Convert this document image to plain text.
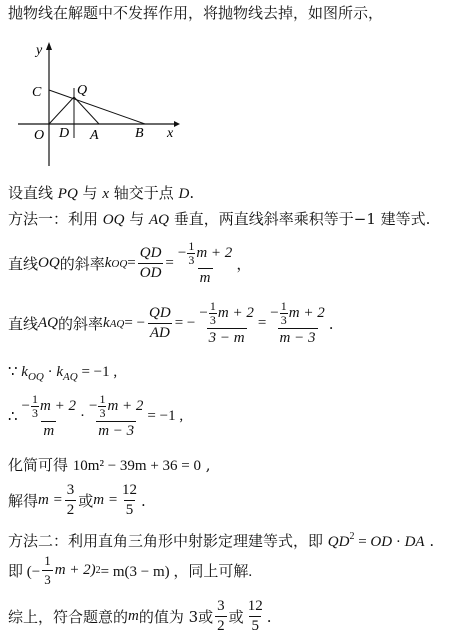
抛物线在解题中不发挥作用，将抛物线去掉，如图所示，
y
C	Q
O D A	B x
设直线 PQ 与 x 轴交于点 D.
方法一：利用 OQ 与 AQ 垂直，两直线斜率乘积等于−1 建等式.
直线 OQ 的斜率 k OQ = $\frac{QD}{OD} = \frac{- \frac{1}{3} m + 2}{m}$ ，
直线 AQ 的斜率 k AQ = − $\frac{QD}{AD}$ = − $\frac{- \frac{1}{3} m + 2}{3 - m} = \frac{- \frac{1}{3} m + 2}{m - 3}$ .
∵ $k_{OQ} \cdot k_{AQ} = -1$ ,
∴ $\frac{- \frac{1}{3} m + 2}{m} \cdot \frac{- \frac{1}{3} m + 2}{m - 3} = -1$ ,
化简可得 10m² − 39m + 36 = 0 ,
解得 $m = \frac{3}{2}$ 或 $m = \frac{12}{5}$ .
方法二：利用直角三角形中射影定理建等式，即 $QD^2$ = OD · DA .
即 (− $\frac{1}{3}$ m + 2) 2 = m(3 − m) ，同上可解.
综上，符合题意的 m 的值为 3或 $\frac{3}{2}$ 或 $\frac{12}{5}$ .
